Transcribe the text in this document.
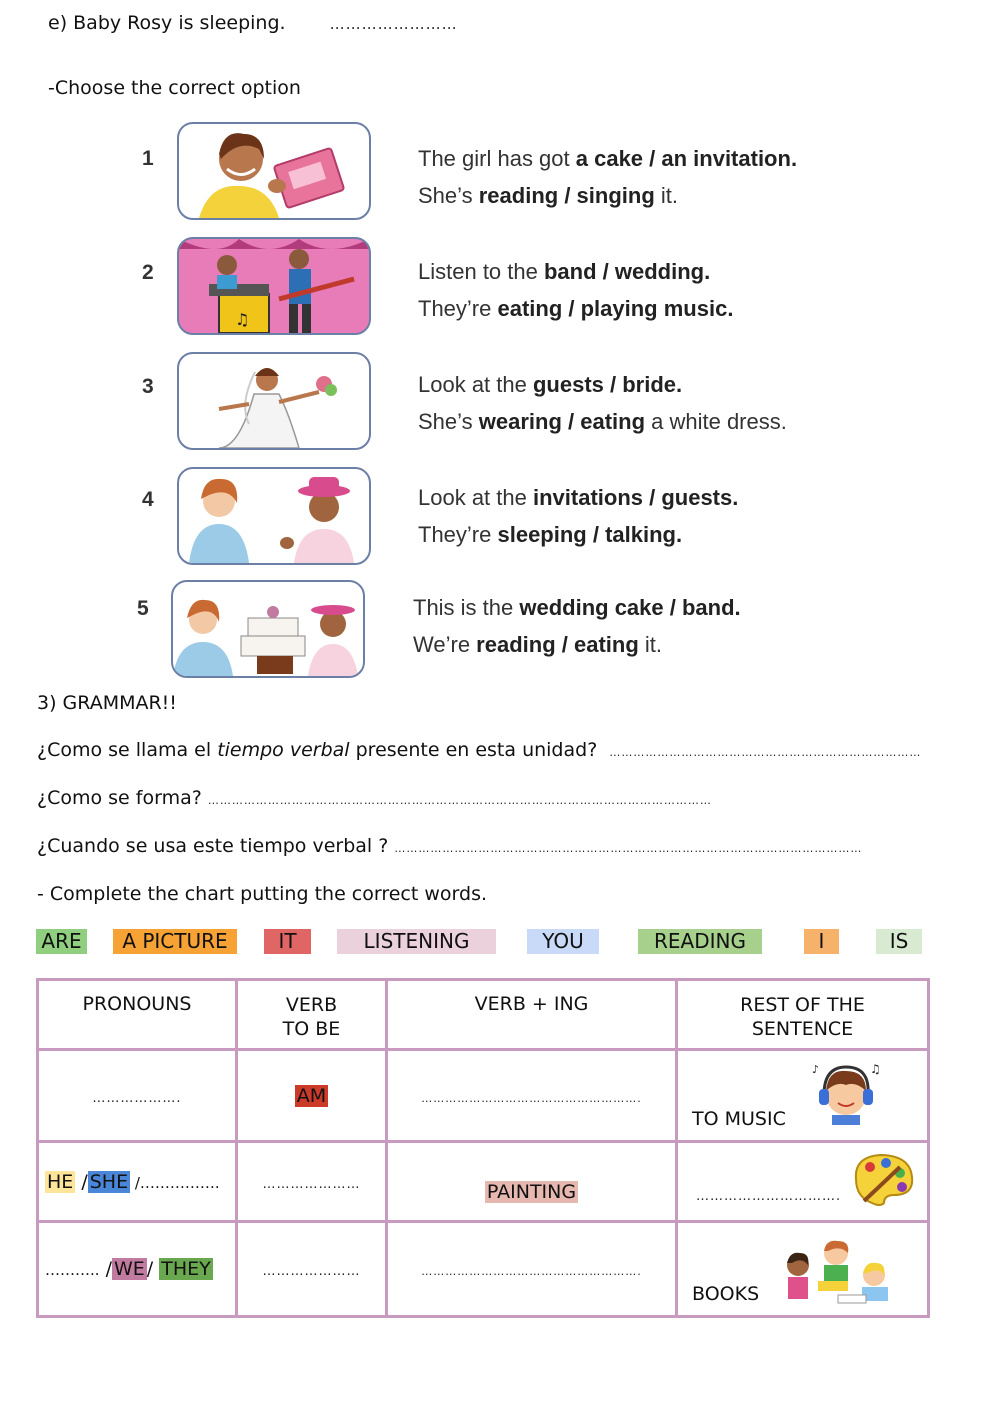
e) Baby Rosy is sleeping.	……………………
-Choose the correct option
1	The girl has got a cake / an invitation.
She’s reading / singing it.
2
♫
Listen to the band / wedding.
They’re eating / playing music.
3	Look at the guests / bride.
She’s wearing / eating a white dress.
4	Look at the invitations / guests.
They’re sleeping / talking.
5	This is the wedding cake / band.
We’re reading / eating it.
3) GRAMMAR!!
¿Como se llama el tiempo verbal presente en esta unidad? ……………………………………………………………………
¿Como se forma? ………………………………………………………………………………………………………………
¿Cuando se usa este tiempo verbal ? ………………………………………………………………………………………………………
- Complete the chart putting the correct words.
ARE	A PICTURE	IT	LISTENING	YOU	READING	I	IS
PRONOUNS	VERB TO BE	VERB + ING	REST OF THE SENTENCE

……………….	AM	……………………………………………….	TO MUSIC
♫
♪

HE / SHE /…………….	…………………	PAINTING	………………………….

……….. / WE / THEY	…………………	……………………………………………….	BOOKS
